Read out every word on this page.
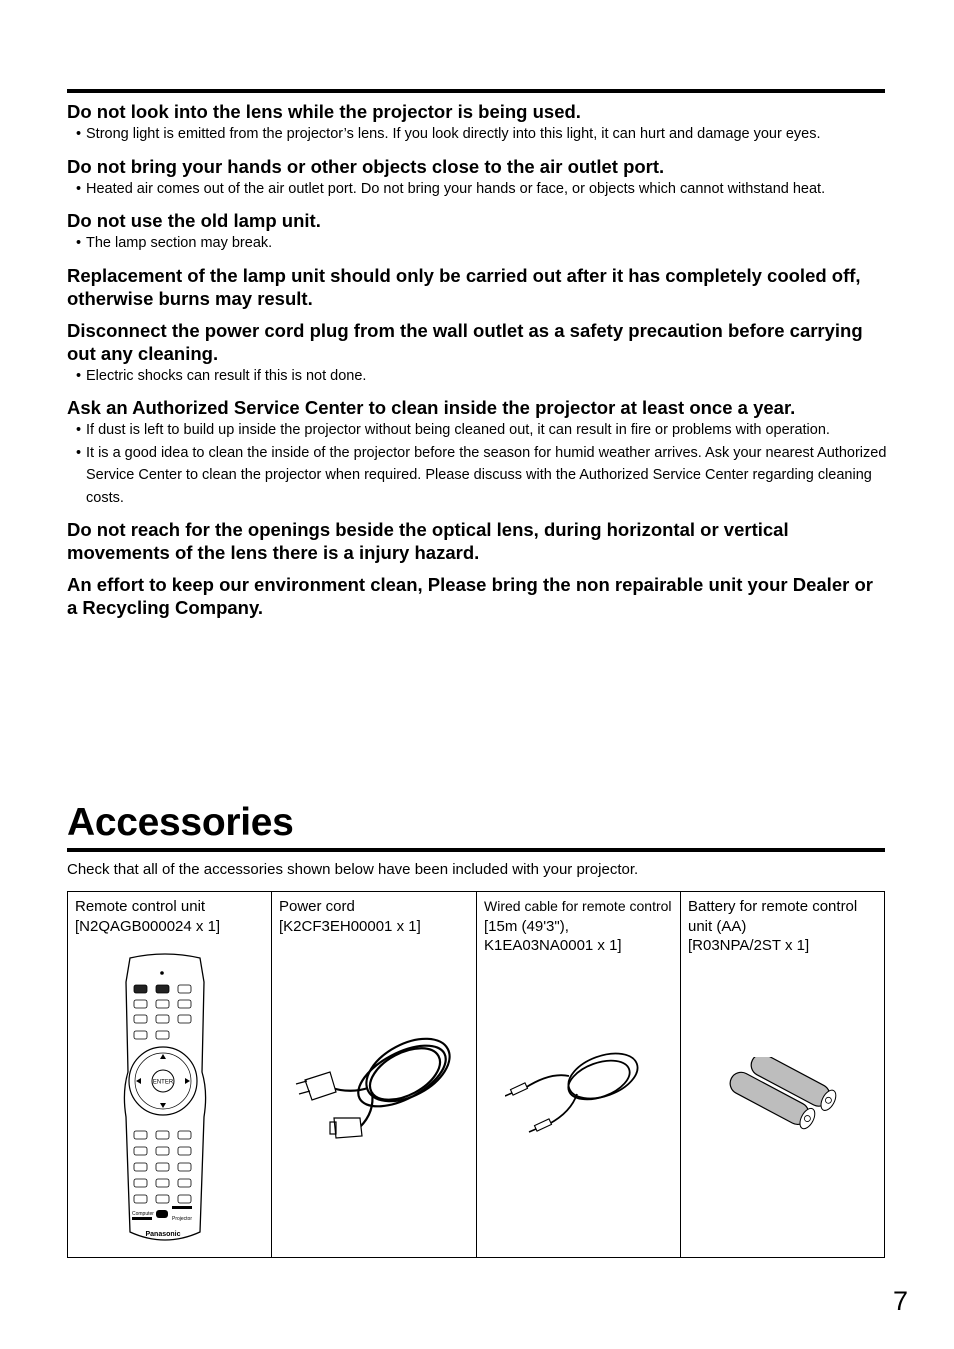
Do not look into the lens while the projector is being used.

• Strong light is emitted from the projector’s lens. If you look directly into this light, it can hurt and damage your eyes.

Do not bring your hands or other objects close to the air outlet port.

• Heated air comes out of the air outlet port. Do not bring your hands or face, or objects which cannot withstand heat.

Do not use the old lamp unit.

• The lamp section may break.

Replacement of the lamp unit should only be carried out after it has completely cooled off, otherwise burns may result.
Disconnect the power cord plug from the wall outlet as a safety precaution before carrying out any cleaning.

• Electric shocks can result if this is not done.

Ask an Authorized Service Center to clean inside the projector at least once a year.

• If dust is left to build up inside the projector without being cleaned out, it can result in fire or problems with operation.

• It is a good idea to clean the inside of the projector before the season for humid weather arrives. Ask your nearest Authorized Service Center to clean the projector when required. Please discuss with the Authorized Service Center regarding cleaning costs.

Do not reach for the openings beside the optical lens, during horizontal or vertical movements of the lens there is a injury hazard.
An effort to keep our environment clean, Please bring the non repairable unit your Dealer or a Recycling Company.
Accessories

Check that all of the accessories shown below have been included with your projector.

Remote control unit
[N2QAGB000024 x 1]
ENTER
Computer
Projector
Panasonic
Power cord
[K2CF3EH00001 x 1]
Wired cable for remote control
[15m (49'3"),
K1EA03NA0001 x 1]
Battery for remote control unit (AA)
[R03NPA/2ST x 1]
7
